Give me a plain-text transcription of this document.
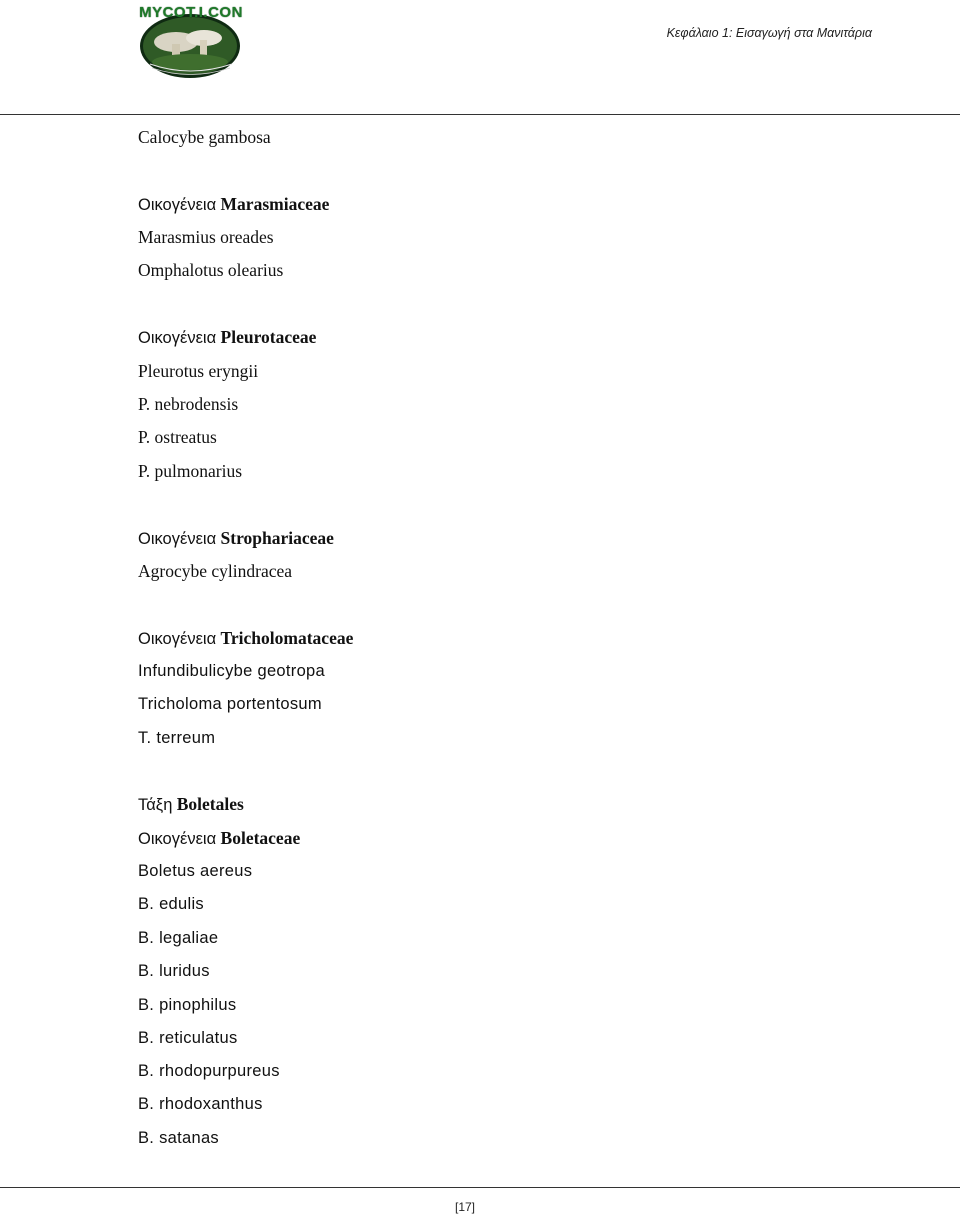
MYCOT.I.CON
Κεφάλαιο 1: Εισαγωγή στα Μανιτάρια
Calocybe gambosa
Οικογένεια Marasmiaceae
Marasmius oreades
Omphalotus olearius
Οικογένεια Pleurotaceae
Pleurotus eryngii
P. nebrodensis
P. ostreatus
P. pulmonarius
Οικογένεια Strophariaceae
Agrocybe cylindracea
Οικογένεια Tricholomataceae
Infundibulicybe geotropa
Tricholoma portentosum
T. terreum
Τάξη Boletales
Οικογένεια Boletaceae
Boletus aereus
B. edulis
B. legaliae
B. luridus
B. pinophilus
B. reticulatus
B. rhodopurpureus
B. rhodoxanthus
B. satanas
[17]
